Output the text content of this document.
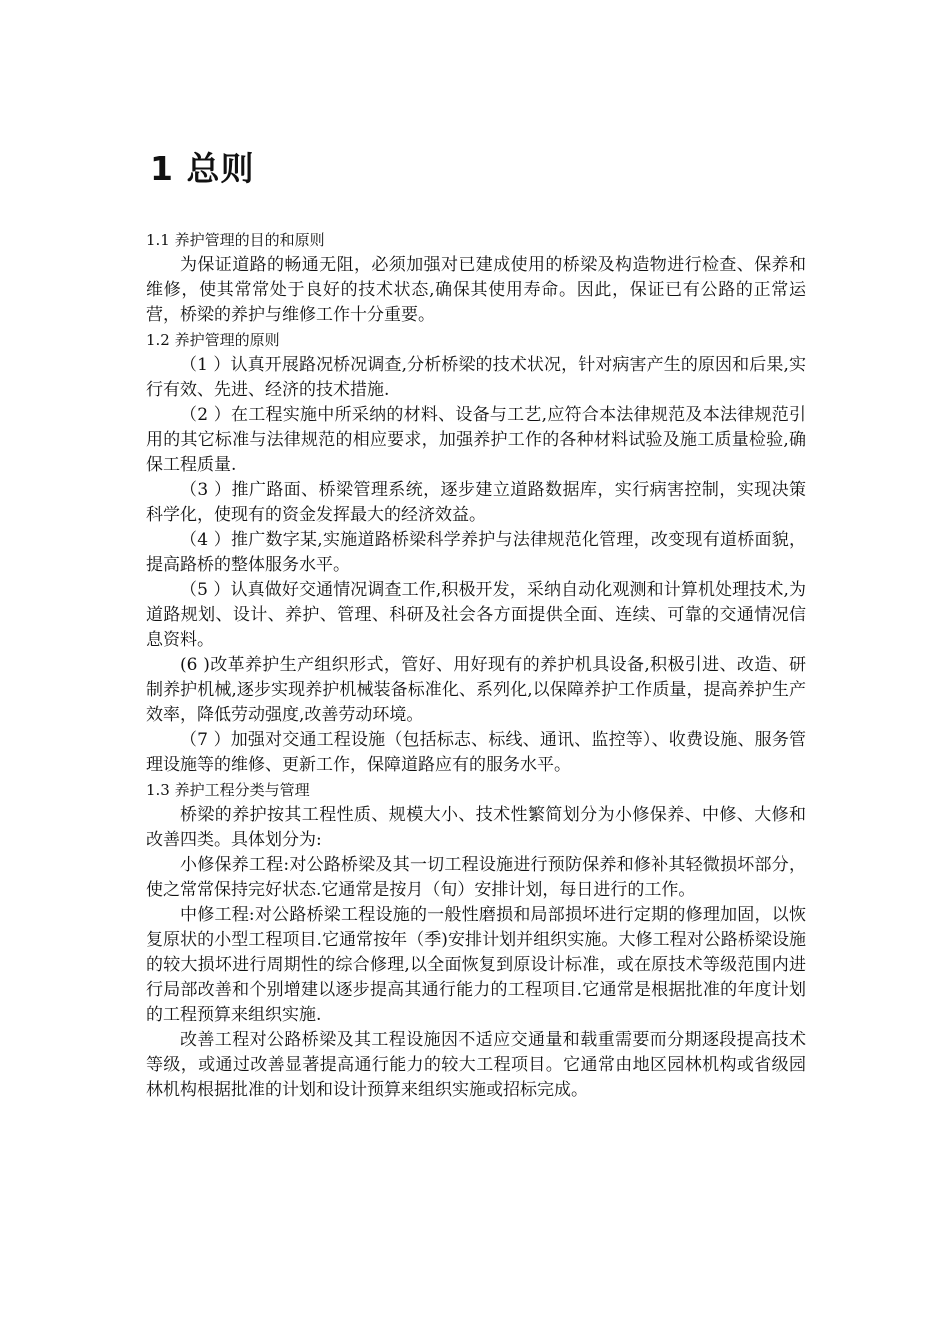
1 总则

1.1 养护管理的目的和原则

为保证道路的畅通无阻，必须加强对已建成使用的桥梁及构造物进行检查、保养和维修，使其常常处于良好的技术状态,确保其使用寿命。因此，保证已有公路的正常运营，桥梁的养护与维修工作十分重要。

1.2 养护管理的原则

（1 ）认真开展路况桥况调查,分析桥梁的技术状况，针对病害产生的原因和后果,实行有效、先进、经济的技术措施.

（2 ）在工程实施中所采纳的材料、设备与工艺,应符合本法律规范及本法律规范引用的其它标准与法律规范的相应要求，加强养护工作的各种材料试验及施工质量检验,确保工程质量.

（3 ）推广路面、桥梁管理系统，逐步建立道路数据库，实行病害控制，实现决策科学化，使现有的资金发挥最大的经济效益。

（4 ）推广数字某,实施道路桥梁科学养护与法律规范化管理，改变现有道桥面貌，提高路桥的整体服务水平。

（5 ）认真做好交通情况调查工作,积极开发，采纳自动化观测和计算机处理技术,为道路规划、设计、养护、管理、科研及社会各方面提供全面、连续、可靠的交通情况信息资料。

(6 )改革养护生产组织形式，管好、用好现有的养护机具设备,积极引进、改造、研制养护机械,逐步实现养护机械装备标准化、系列化,以保障养护工作质量，提高养护生产效率，降低劳动强度,改善劳动环境。

（7 ）加强对交通工程设施（包括标志、标线、通讯、监控等）、收费设施、服务管理设施等的维修、更新工作，保障道路应有的服务水平。

1.3 养护工程分类与管理

桥梁的养护按其工程性质、规模大小、技术性繁简划分为小修保养、中修、大修和改善四类。具体划分为:

小修保养工程:对公路桥梁及其一切工程设施进行预防保养和修补其轻微损坏部分，使之常常保持完好状态.它通常是按月（旬）安排计划，每日进行的工作。

中修工程:对公路桥梁工程设施的一般性磨损和局部损坏进行定期的修理加固，以恢复原状的小型工程项目.它通常按年（季)安排计划并组织实施。大修工程对公路桥梁设施的较大损坏进行周期性的综合修理,以全面恢复到原设计标准，或在原技术等级范围内进行局部改善和个别增建以逐步提高其通行能力的工程项目.它通常是根据批准的年度计划的工程预算来组织实施.

改善工程对公路桥梁及其工程设施因不适应交通量和载重需要而分期逐段提高技术等级，或通过改善显著提高通行能力的较大工程项目。它通常由地区园林机构或省级园林机构根据批准的计划和设计预算来组织实施或招标完成。
